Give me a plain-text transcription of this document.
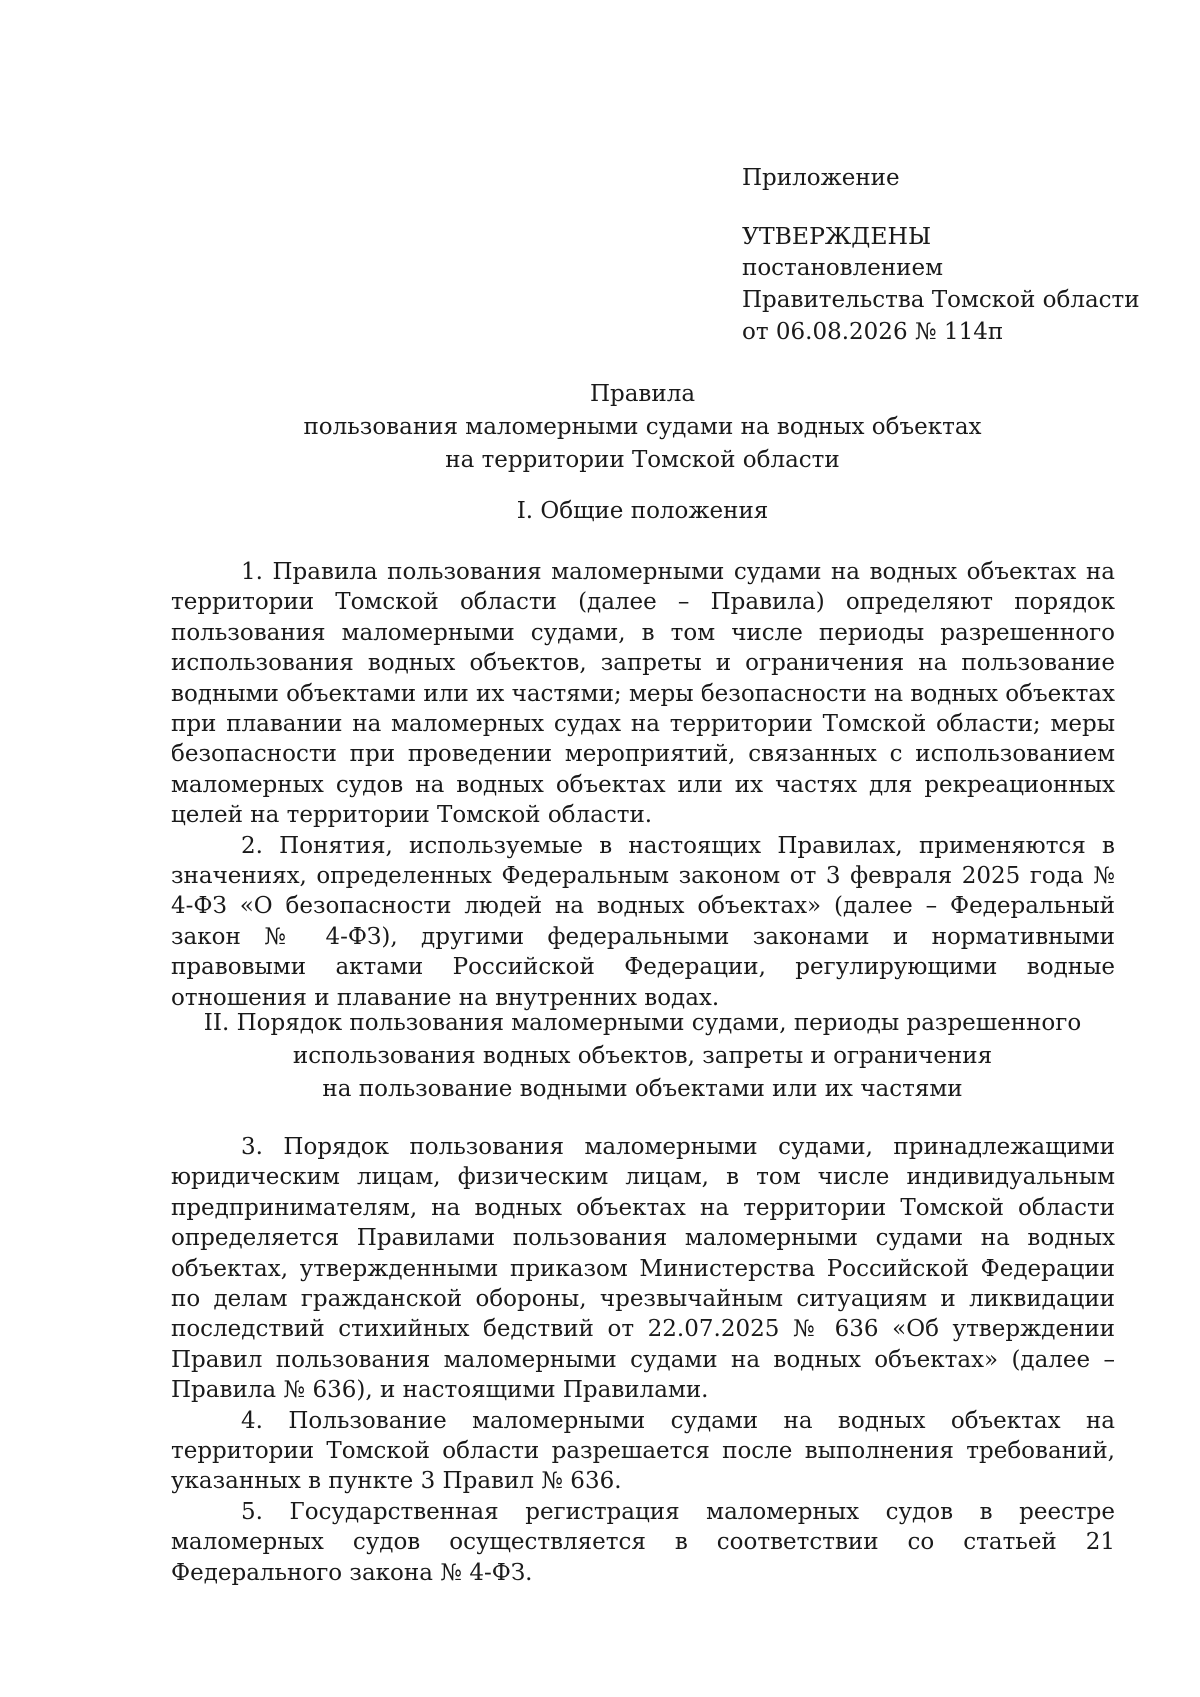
Приложение
УТВЕРЖДЕНЫ
постановлением
Правительства Томской области
от 06.08.2026 № 114п
Правила
пользования маломерными судами на водных объектах
на территории Томской области
I. Общие положения

1. Правила пользования маломерными судами на водных объектах на территории Томской области (далее – Правила) определяют порядок пользования маломерными судами, в том числе периоды разрешенного использования водных объектов, запреты и ограничения на пользование водными объектами или их частями; меры безопасности на водных объектах при плавании на маломерных судах на территории Томской области; меры безопасности при проведении мероприятий, связанных с использованием маломерных судов на водных объектах или их частях для рекреационных целей на территории Томской области.

2. Понятия, используемые в настоящих Правилах, применяются в значениях, определенных Федеральным законом от 3 февраля 2025 года № 4-ФЗ «О безопасности людей на водных объектах» (далее – Федеральный закон № 4-ФЗ), другими федеральными законами и нормативными правовыми актами Российской Федерации, регулирующими водные отношения и плавание на внутренних водах.

II. Порядок пользования маломерными судами, периоды разрешенного
использования водных объектов, запреты и ограничения
на пользование водными объектами или их частями

3. Порядок пользования маломерными судами, принадлежащими юридическим лицам, физическим лицам, в том числе индивидуальным предпринимателям, на водных объектах на территории Томской области определяется Правилами пользования маломерными судами на водных объектах, утвержденными приказом Министерства Российской Федерации по делам гражданской обороны, чрезвычайным ситуациям и ликвидации последствий стихийных бедствий от 22.07.2025 № 636 «Об утверждении Правил пользования маломерными судами на водных объектах» (далее – Правила № 636), и настоящими Правилами.

4. Пользование маломерными судами на водных объектах на территории Томской области разрешается после выполнения требований, указанных в пункте 3 Правил № 636.

5. Государственная регистрация маломерных судов в реестре маломерных судов осуществляется в соответствии со статьей 21 Федерального закона № 4-ФЗ.
